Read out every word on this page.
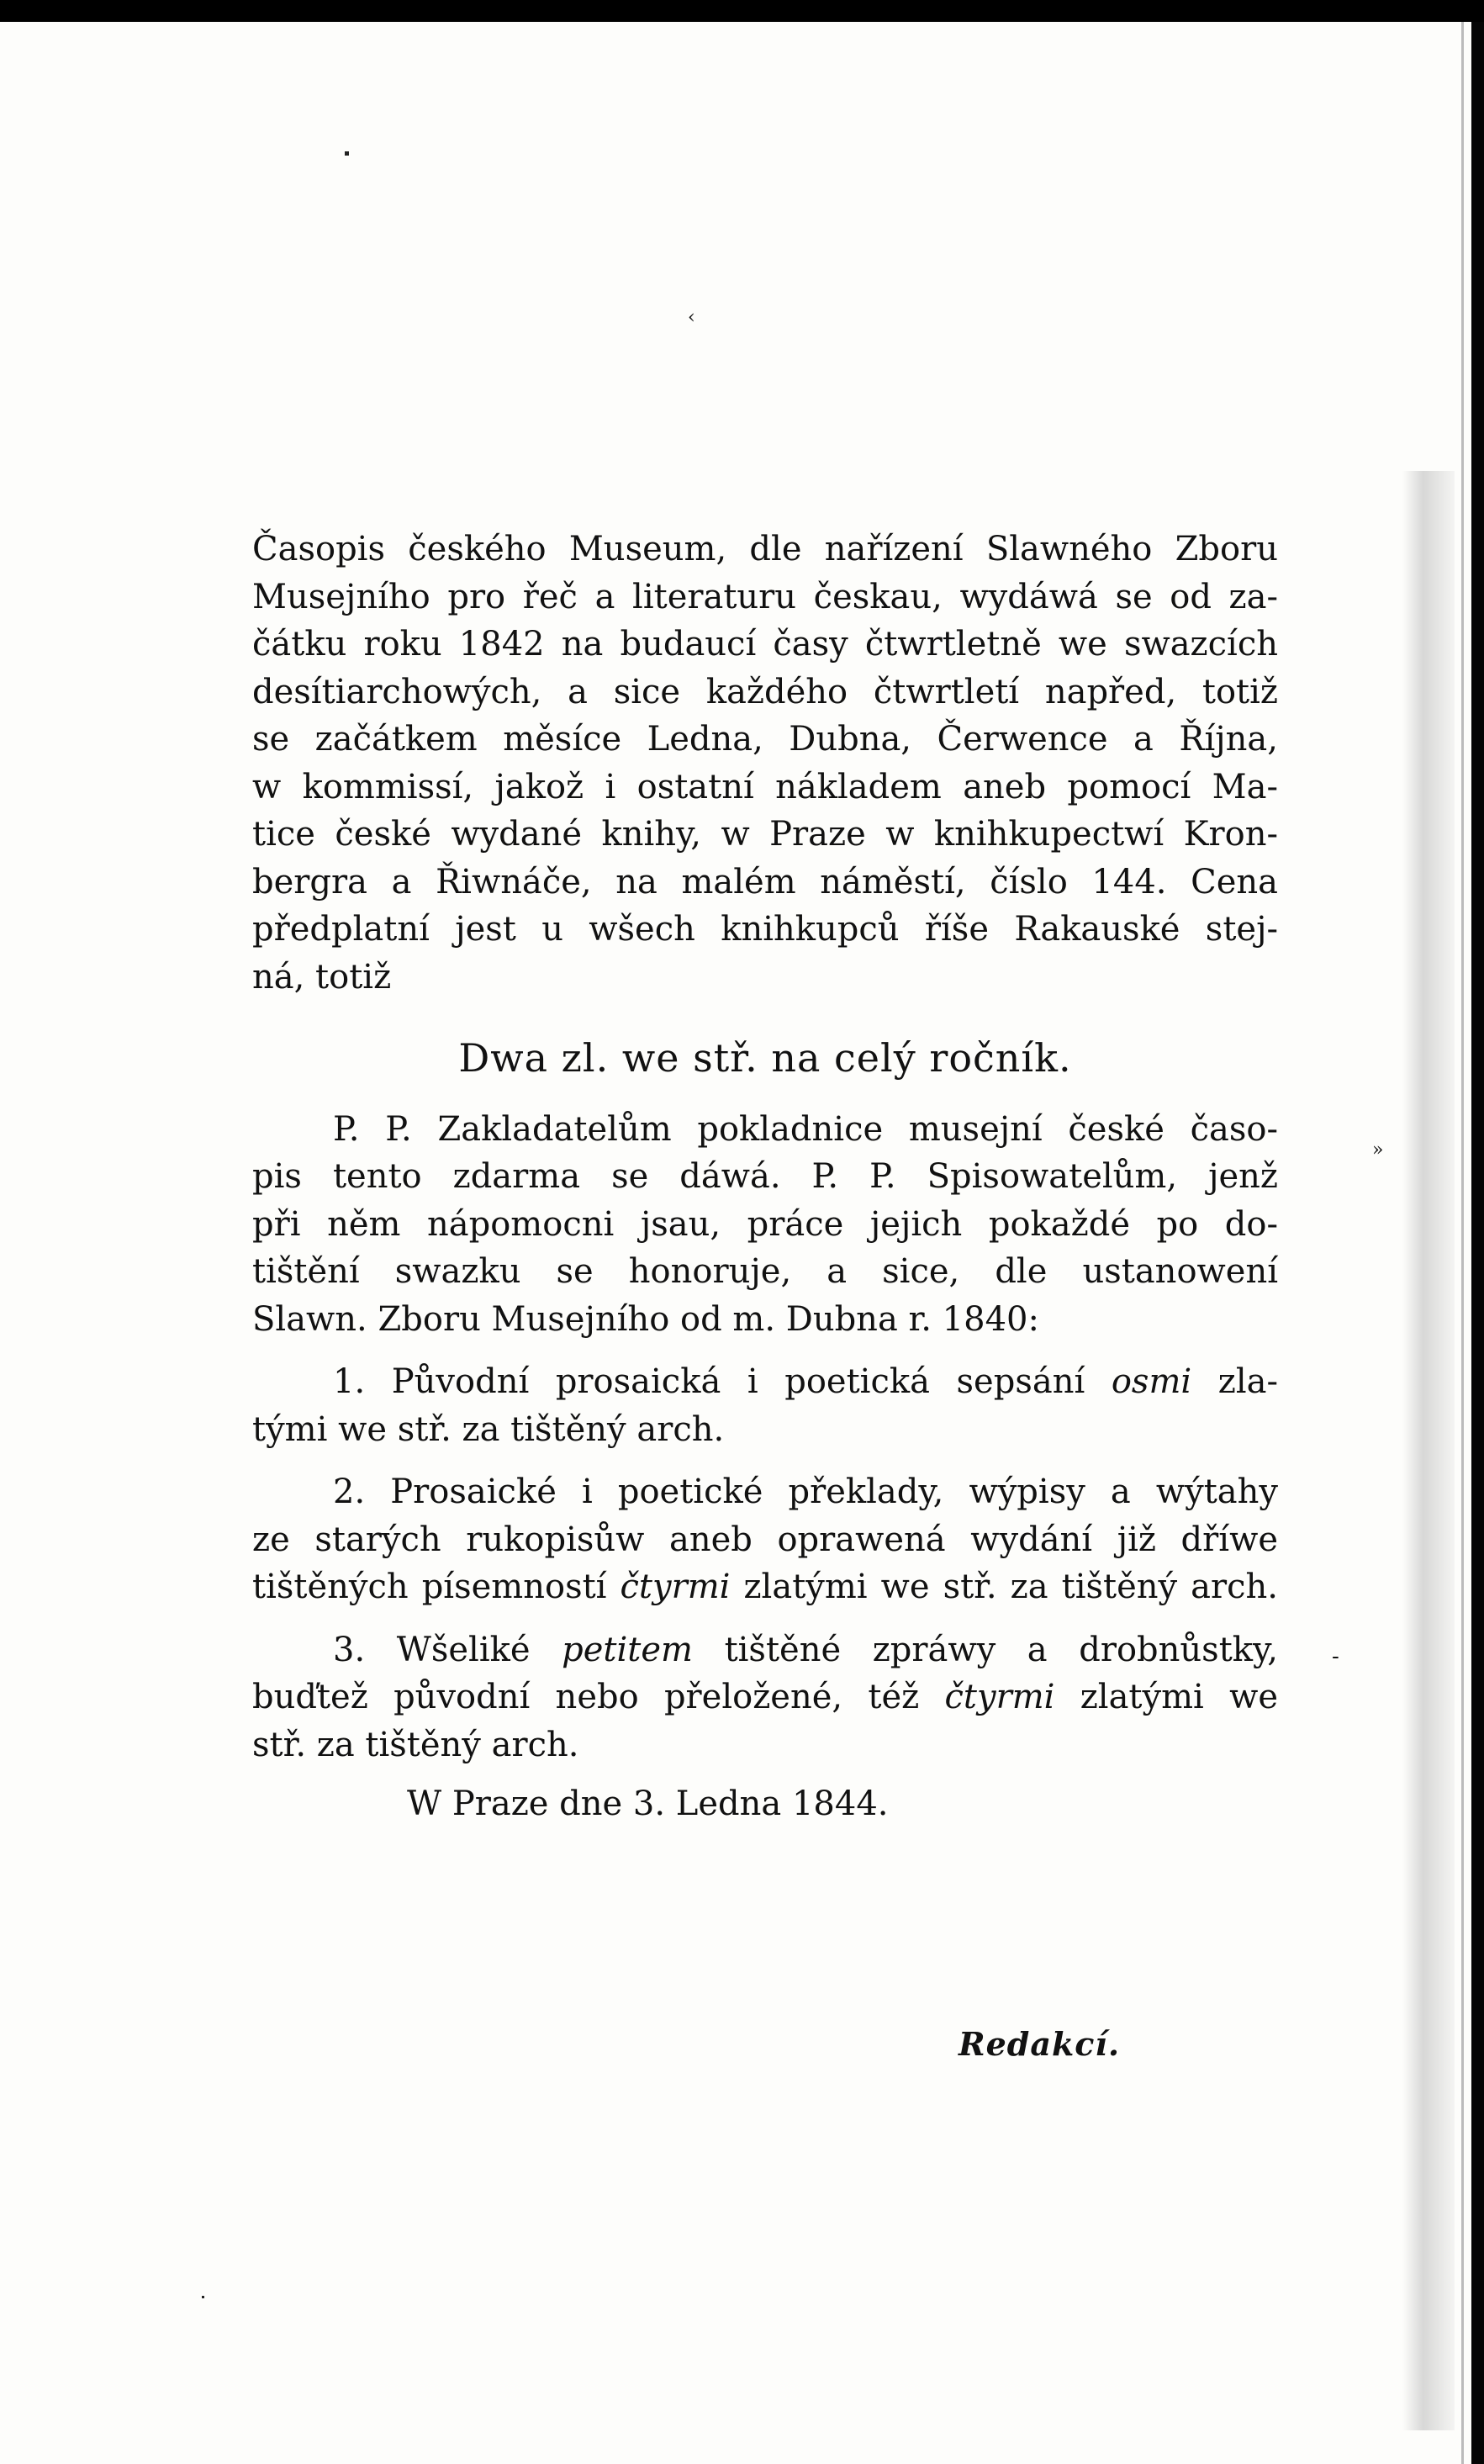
‹
»
-
Časopis českého Museum, dle nařízení Slawného Zboru
Musejního pro řeč a literaturu česk​au, wydáwá se od za-
čátku roku 1842 na budaucí časy čtwrtletně we swazcích
desítiarchowých, a sice každého čtwrtletí napřed, totiž
se začátkem měsíce Ledna, Dubna, Čerwence a Října,
w kommissí, jakož i ostatní nákladem aneb pomocí Ma-
tice české wydané knihy, w Praze w knihkupectwí Kron-
bergra a Řiwnáče, na malém náměstí, číslo 144. Cena
předplatní jest u wšech knihkupců říše Rakauské stej-
ná, totiž
Dwa zl. we stř. na celý ročník.
P. P. Zakladatelům pokladnice musejní české časo-
pis tento zdarma se dáwá. P. P. Spisowatelům, jenž
při něm nápomocni jsau, práce jejich pokaždé po do-
tištění swazku se honoruje, a sice, dle ustanowení
Slawn. Zboru Musejního od m. Dubna r. 1840:
1. Původní prosaická i poetická sepsání osmi zla-
tými we stř. za tištěný arch.
2. Prosaické i poetické překlady, wýpisy a wýtahy
ze starých rukopisůw aneb oprawená wydání již dříwe
tištěných písemností čtyrmi zlatými we stř. za tištěný arch.
3. Wšeliké petitem tištěné zpráwy a drobnůstky,
buďtež původní nebo přeložené, též čtyrmi zlatými we
stř. za tištěný arch.
W Praze dne 3. Ledna 1844.
Redakcí.
